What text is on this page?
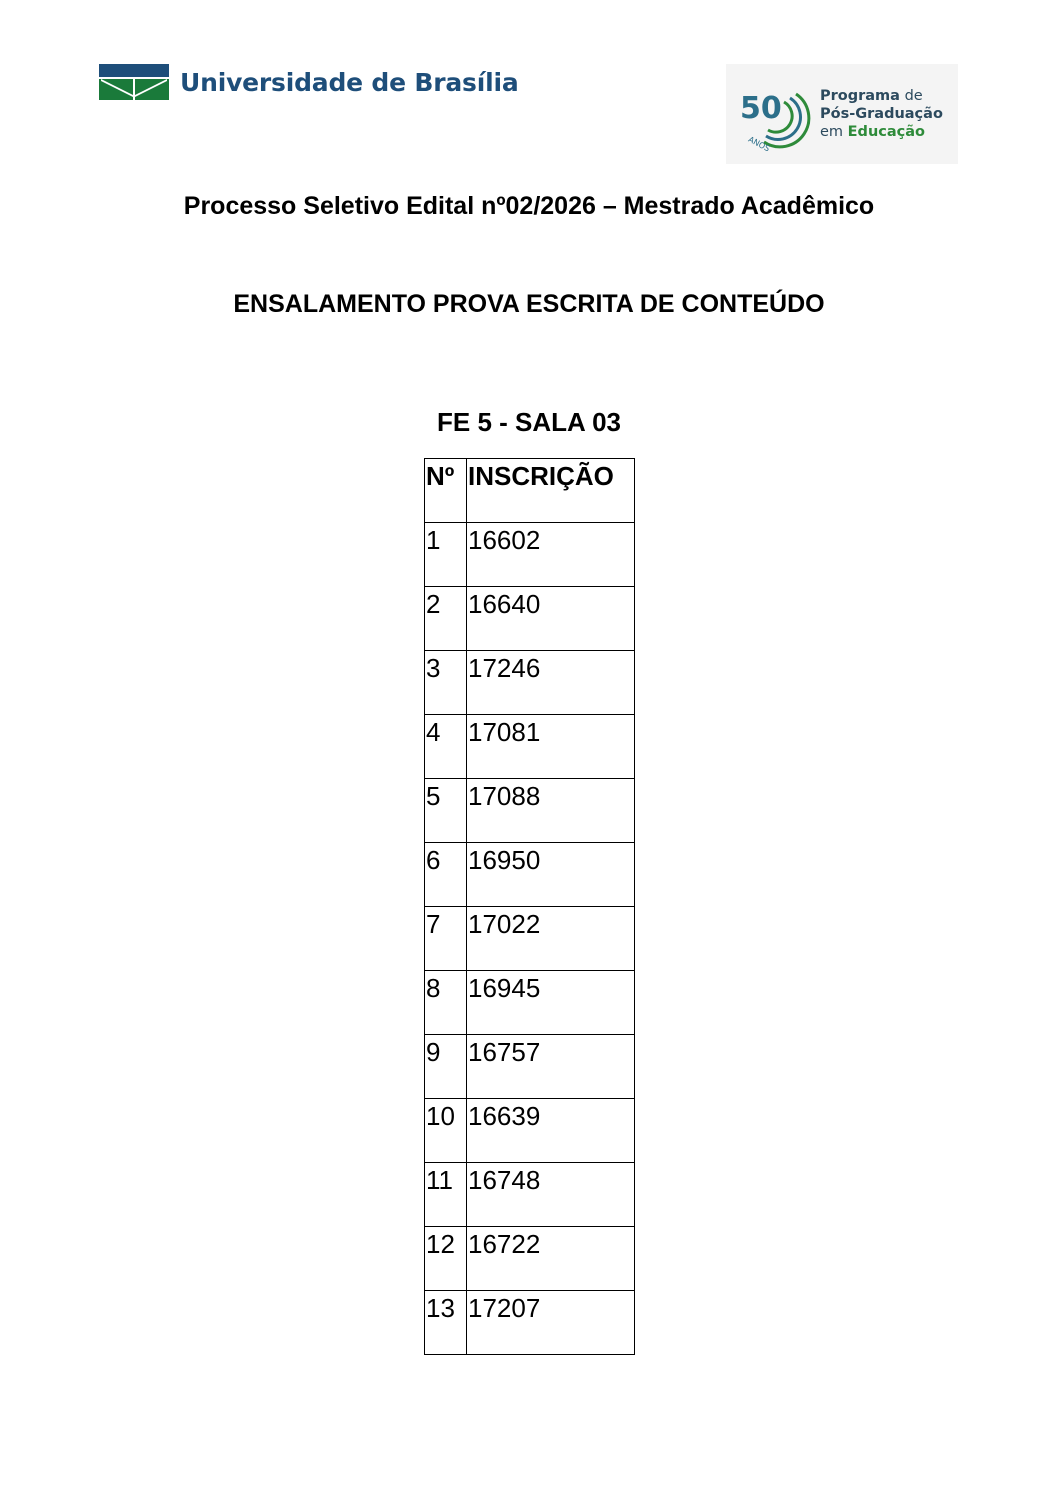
Universidade de Brasília
50
ANOS
Programa de
Pós-Graduação
em Educação
Processo Seletivo Edital nº02/2026 – Mestrado Acadêmico
ENSALAMENTO PROVA ESCRITA DE CONTEÚDO
FE 5 - SALA 03
Nº	INSCRIÇÃO
1	16602
2	16640
3	17246
4	17081
5	17088
6	16950
7	17022
8	16945
9	16757
10	16639
11	16748
12	16722
13	17207
